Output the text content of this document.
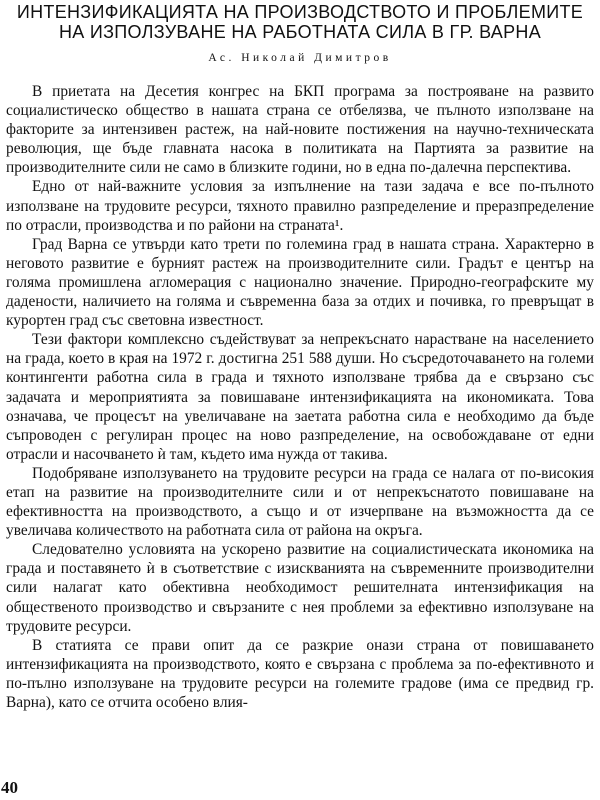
ИНТЕНЗИФИКАЦИЯТА НА ПРОИЗВОДСТВОТО И ПРОБЛЕМИТЕ
НА ИЗПОЛЗУВАНЕ НА РАБОТНАТА СИЛА В ГР. ВАРНА
Ас. Николай Димитров

В приетата на Десетия конгрес на БКП програма за построяване на развито социалистическо общество в нашата страна се отбелязва, че пълното използване на факторите за интензивен растеж, на най-новите постижения на научно-техническата революция, ще бъде главната насока в политиката на Партията за развитие на производителните сили не само в близките години, но в една по-далечна перспектива.

Едно от най-важните условия за изпълнение на тази задача е все по-пълното използване на трудовите ресурси, тяхното правилно разпределение и преразпределение по отрасли, производства и по райони на страната¹.

Град Варна се утвърди като трети по големина град в нашата страна. Характерно в неговото развитие е бурният растеж на производителните сили. Градът е център на голяма промишлена агломерация с национално значение. Природно-географските му дадености, наличието на голяма и съвременна база за отдих и почивка, го превръщат в курортен град със световна известност.

Тези фактори комплексно съдействуват за непрекъснато нарастване на населението на града, което в края на 1972 г. достигна 251 588 души. Но съсредоточаването на големи контингенти работна сила в града и тяхното използване трябва да е свързано със задачата и мероприятията за повишаване интензификацията на икономиката. Това означава, че процесът на увеличаване на заетата работна сила е необходимо да бъде съпроводен с регулиран процес на ново разпределение, на освобождаване от едни отрасли и насочването ѝ там, където има нужда от такива.

Подобряване използуването на трудовите ресурси на града се налага от по-високия етап на развитие на производителните сили и от непрекъснатото повишаване на ефективността на производството, а също и от изчерпване на възможността да се увеличава количеството на работната сила от района на окръга.

Следователно условията на ускорено развитие на социалистическата икономика на града и поставянето ѝ в съответствие с изискванията на съвременните производителни сили налагат като обективна необходимост решителната интензификация на общественото производство и свързаните с нея проблеми за ефективно използуване на трудовите ресурси.

В статията се прави опит да се разкрие онази страна от повишаването интензификацията на производството, която е свързана с проблема за по-ефективното и по-пълно използуване на трудовите ресурси на големите градове (има се предвид гр. Варна), като се отчита особено влия-

40
